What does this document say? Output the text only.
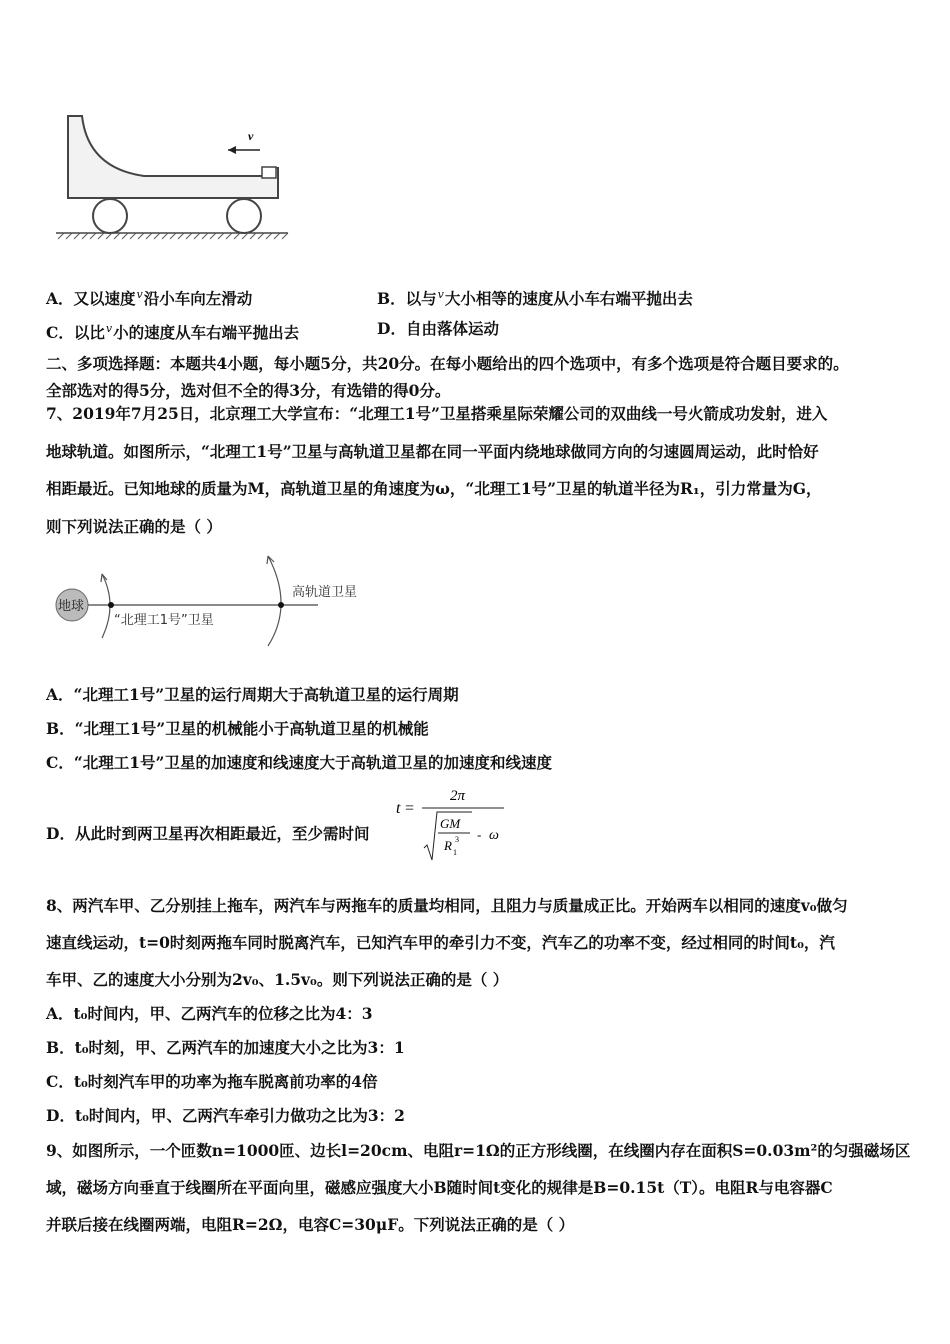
v
A．又以速度$^v$沿小车向左滑动	B．以与$^v$大小相等的速度从小车右端平抛出去
C．以比$^v$小的速度从车右端平抛出去	D．自由落体运动
二、多项选择题：本题共4小题，每小题5分，共20分。在每小题给出的四个选项中，有多个选项是符合题目要求的。
全部选对的得5分，选对但不全的得3分，有选错的得0分。
7、2019年7月25日，北京理工大学宣布：“北理工1号”卫星搭乘星际荣耀公司的双曲线一号火箭成功发射，进入
地球轨道。如图所示，“北理工1号”卫星与高轨道卫星都在同一平面内绕地球做同方向的匀速圆周运动，此时恰好
相距最近。已知地球的质量为M，高轨道卫星的角速度为ω，“北理工1号”卫星的轨道半径为R₁，引力常量为G，
则下列说法正确的是（ ）
地球
“北理工1号”卫星
高轨道卫星
A．“北理工1号”卫星的运行周期大于高轨道卫星的运行周期
B．“北理工1号”卫星的机械能小于高轨道卫星的机械能
C．“北理工1号”卫星的加速度和线速度大于高轨道卫星的加速度和线速度
D．从此时到两卫星再次相距最近，至少需时间
t =
2π
GM
R 1
3 - ω
8、两汽车甲、乙分别挂上拖车，两汽车与两拖车的质量均相同，且阻力与质量成正比。开始两车以相同的速度v₀做匀
速直线运动，t=0时刻两拖车同时脱离汽车，已知汽车甲的牵引力不变，汽车乙的功率不变，经过相同的时间t₀，汽
车甲、乙的速度大小分别为2v₀、1.5v₀。则下列说法正确的是（ ）
A．t₀时间内，甲、乙两汽车的位移之比为4：3
B．t₀时刻，甲、乙两汽车的加速度大小之比为3：1
C．t₀时刻汽车甲的功率为拖车脱离前功率的4倍
D．t₀时间内，甲、乙两汽车牵引力做功之比为3：2
9、如图所示，一个匝数n=1000匝、边长l=20cm、电阻r=1Ω的正方形线圈，在线圈内存在面积S=0.03m²的匀强磁场区
域，磁场方向垂直于线圈所在平面向里，磁感应强度大小B随时间t变化的规律是B=0.15t（T）。电阻R与电容器C
并联后接在线圈两端，电阻R=2Ω，电容C=30μF。下列说法正确的是（ ）
